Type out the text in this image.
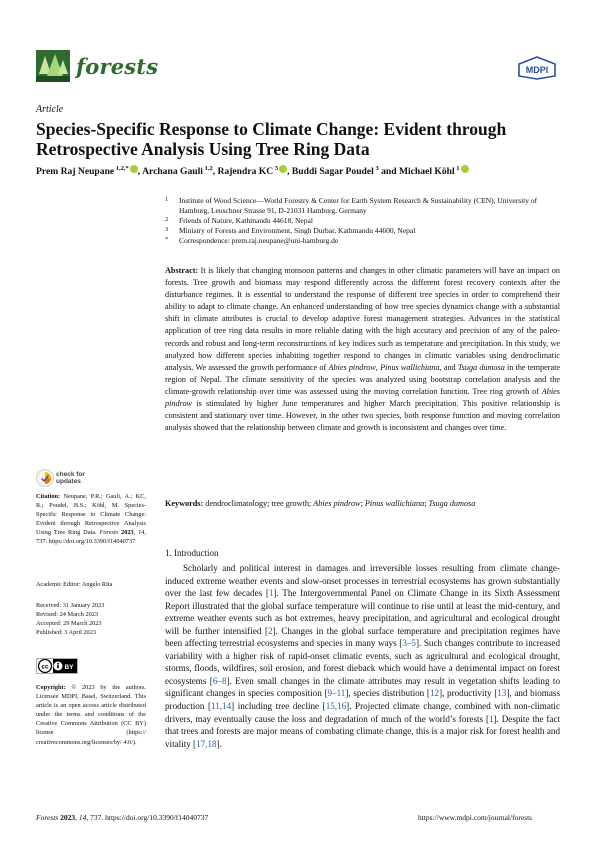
forests	MDPI
Article
Species-Specific Response to Climate Change: Evident through Retrospective Analysis Using Tree Ring Data
Prem Raj Neupane $^{1,2,*}$ , Archana Gauli $^{1,2}$, Rajendra KC $^3$ , Buddi Sagar Poudel $^3$ and Michael Köhl $^1$
1 Institute of Wood Science—World Forestry & Center for Earth System Research & Sustainability (CEN), University of Hamburg, Leuschner Strasse 91, D-21031 Hamburg, Germany
2 Friends of Nature, Kathmandu 44618, Nepal
3 Ministry of Forests and Environment, Singh Durbar, Kathmandu 44600, Nepal
* Correspondence: prem.raj.neupane@uni-hamburg.de
Abstract: It is likely that changing monsoon patterns and changes in other climatic parameters will have an impact on forests. Tree growth and biomass may respond differently across the different forest recovery contexts after the disturbance regimes. It is essential to understand the response of different tree species in order to comprehend their ability to adapt to climate change. An enhanced understanding of how tree species dynamics change with a substantial shift in climate attributes is crucial to develop adaptive forest management strategies. Advances in the statistical application of tree ring data results in more reliable dating with the high accuracy and precision of any of the paleo-records and robust and long-term reconstructions of key indices such as temperature and precipitation. In this study, we analyzed how different species inhabiting together respond to changes in climatic variables using dendroclimatic analysis. We assessed the growth performance of Abies pindrow, Pinus wallichiana, and Tsuga dumosa in the temperate region of Nepal. The climate sensitivity of the species was analyzed using bootstrap correlation analysis and the climate-growth relationship over time was assessed using the moving correlation function. Tree ring growth of Abies pindrow is stimulated by higher June temperatures and higher March precipitation. This positive relationship is consistent and stationary over time. However, in the other two species, both response function and moving correlation analysis showed that the relationship between climate and growth is inconsistent and changes over time.
Keywords: dendroclimatology; tree growth; Abies pindrow; Pinus wallichiana; Tsuga dumosa
check for
updates
Citation: Neupane, P.R.; Gauli, A.; KC, R.; Poudel, B.S.; Köhl, M. Species-Specific Response to Climate Change: Evident through Retrospective Analysis Using Tree Ring Data. Forests 2023, 14, 737. https://doi.org/10.3390/f14040737
Academic Editor: Angelo Rita
Received: 31 January 2023
Revised: 24 March 2023
Accepted: 29 March 2023
Published: 3 April 2023
cc BY
Copyright: © 2023 by the authors. Licensee MDPI, Basel, Switzerland. This article is an open access article distributed under the terms and conditions of the Creative Commons Attribution (CC BY) license (https:// creativecommons.org/licenses/by/ 4.0/).
1. Introduction

Scholarly and political interest in damages and irreversible losses resulting from climate change-induced extreme weather events and slow-onset processes in terrestrial ecosystems has grown substantially over the last few decades [1]. The Intergovernmental Panel on Climate Change in its Sixth Assessment Report illustrated that the global surface temperature will continue to rise until at least the mid-century, and extreme weather events such as hot extremes, heavy precipitation, and agricultural and ecological drought will be further intensified [2]. Changes in the global surface temperature and precipitation regimes have been affecting terrestrial ecosystems and species in many ways [3–5]. Such changes contribute to increased variability with a higher risk of rapid-onset climatic events, such as agricultural and ecological drought, storms, floods, wildfires, soil erosion, and forest dieback which would have a detrimental impact on forest ecosystems [6–8]. Even small changes in the climate attributes may result in vegetation shifts leading to significant changes in species composition [9–11], species distribution [12], productivity [13], and biomass production [11,14] including tree decline [15,16]. Projected climate change, combined with non-climatic drivers, may eventually cause the loss and degradation of much of the world’s forests [1]. Despite the fact that trees and forests are major means of combating climate change, this is a major risk for forest health and vitality [17,18].

Forests 2023, 14, 737. https://doi.org/10.3390/f14040737	https://www.mdpi.com/journal/forests
